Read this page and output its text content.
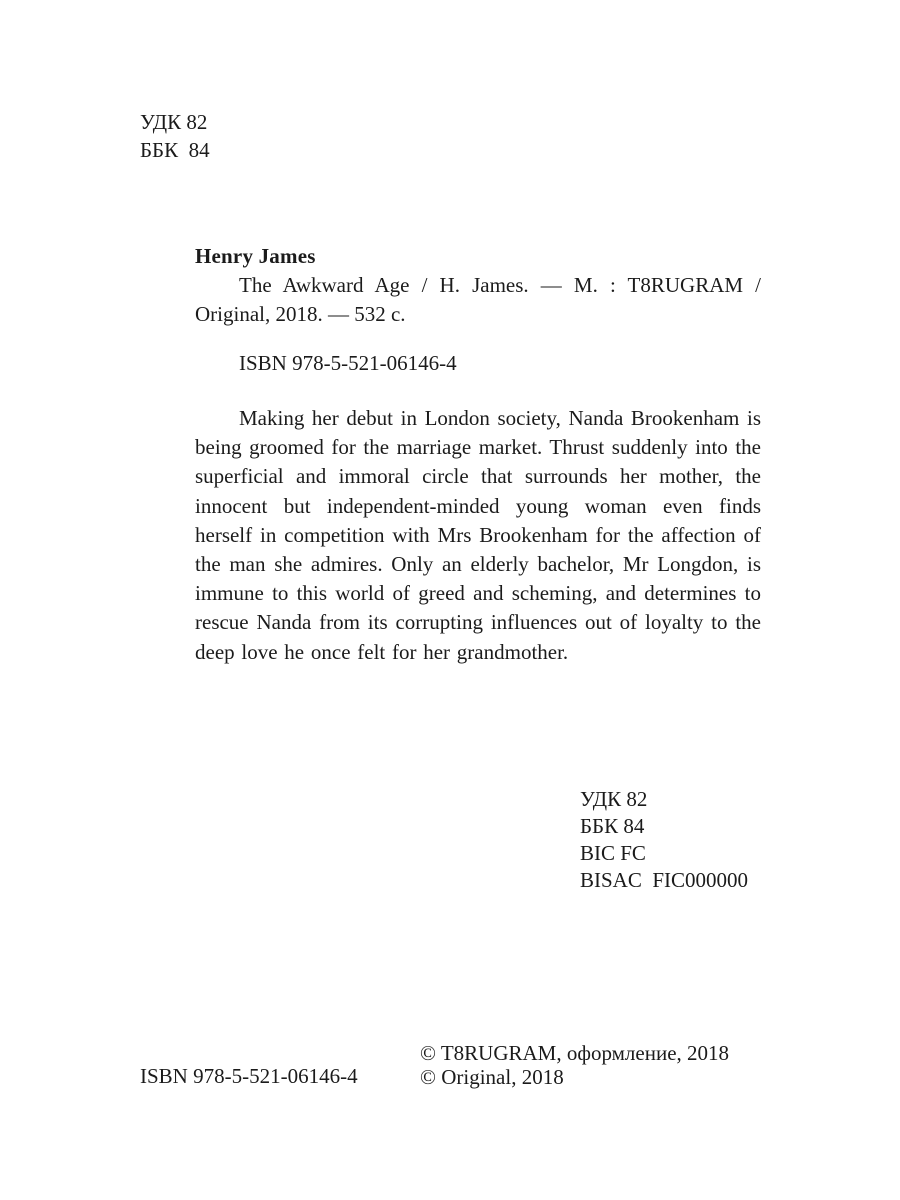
УДК 82
ББК  84
Henry James

The Awkward Age / H. James. — M. : T8RUGRAM / Original, 2018. — 532 с.

ISBN 978-5-521-06146-4

Making her debut in London society, Nanda Brookenham is being groomed for the marriage market. Thrust suddenly into the superficial and immoral circle that surrounds her mother, the innocent but independent-minded young woman even finds herself in competition with Mrs Brookenham for the affection of the man she admires. Only an elderly bachelor, Mr Longdon, is immune to this world of greed and scheming, and determines to rescue Nanda from its corrupting influences out of loyalty to the deep love he once felt for her grandmother.

УДК 82
ББК 84
BIC FC
BISAC  FIC000000
ISBN 978-5-521-06146-4
© T8RUGRAM, оформление, 2018
© Original, 2018
